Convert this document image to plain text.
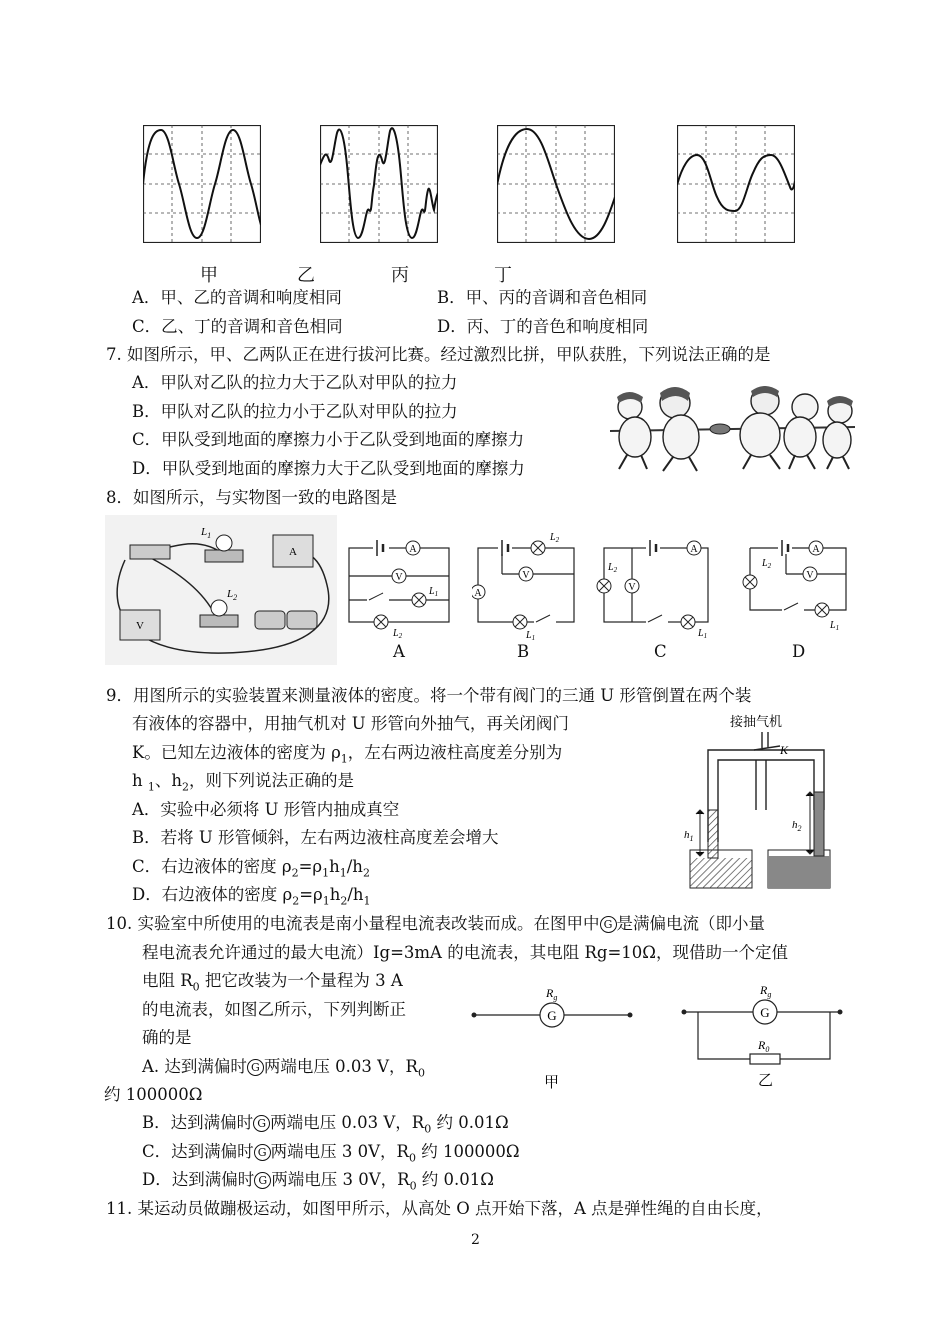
甲	乙	丙	丁
A．甲、乙的音调和响度相同	B．甲、丙的音调和音色相同
C．乙、丁的音调和音色相同	D．丙、丁的音色和响度相同
7. 如图所示，甲、乙两队正在进行拔河比赛。经过激烈比拼，甲队获胜，下列说法正确的是
A．甲队对乙队的拉力大于乙队对甲队的拉力
B．甲队对乙队的拉力小于乙队对甲队的拉力
C．甲队受到地面的摩擦力小于乙队受到地面的摩擦力
D．甲队受到地面的摩擦力大于乙队受到地面的摩擦力
8．如图所示，与实物图一致的电路图是
A
V
$L_1$
$L_2$
A
V
$L_1$
$L_2$
A
V
A
$L_2$
$L_1$
B
A
V
$L_2$
$L_1$
C
A
V
$L_2$
$L_1$
D
9．用图所示的实验装置来测量液体的密度。将一个带有阀门的三通 U 形管倒置在两个装
有液体的容器中，用抽气机对 U 形管向外抽气，再关闭阀门
K。已知左边液体的密度为 $\rho_1$，左右两边液柱高度差分别为
h $_1$、$h_2$，则下列说法正确的是
A．实验中必须将 U 形管内抽成真空
B．若将 U 形管倾斜，左右两边液柱高度差会增大
C．右边液体的密度 $\rho_2=\rho_1h_1/h_2$
D．右边液体的密度 $\rho_2=\rho_1h_2/h_1$
接抽气机
K
$h_1$
$h_2$
10. 实验室中所使用的电流表是南小量程电流表改装而成。在图甲中 G 是满偏电流（即小量
程电流表允许通过的最大电流）Ig=3mA 的电流表，其电阻 Rg=10Ω，现借助一个定值
电阻 $R_0$ 把它改装为一个量程为 3 A
的电流表，如图乙所示，下列判断正
确的是
A. 达到满偏时 G 两端电压 0.03 V，$R_0$
约 100000Ω
B．达到满偏时 G 两端电压 0.03 V，$R_0$ 约 0.01Ω
C．达到满偏时 G 两端电压 3 0V，$R_0$ 约 100000Ω
D．达到满偏时 G 两端电压 3 0V，$R_0$ 约 0.01Ω
G
$R_g$
甲
G
$R_g$
$R_0$
乙
11. 某运动员做蹦极运动，如图甲所示，从高处 O 点开始下落，A 点是弹性绳的自由长度，
2
